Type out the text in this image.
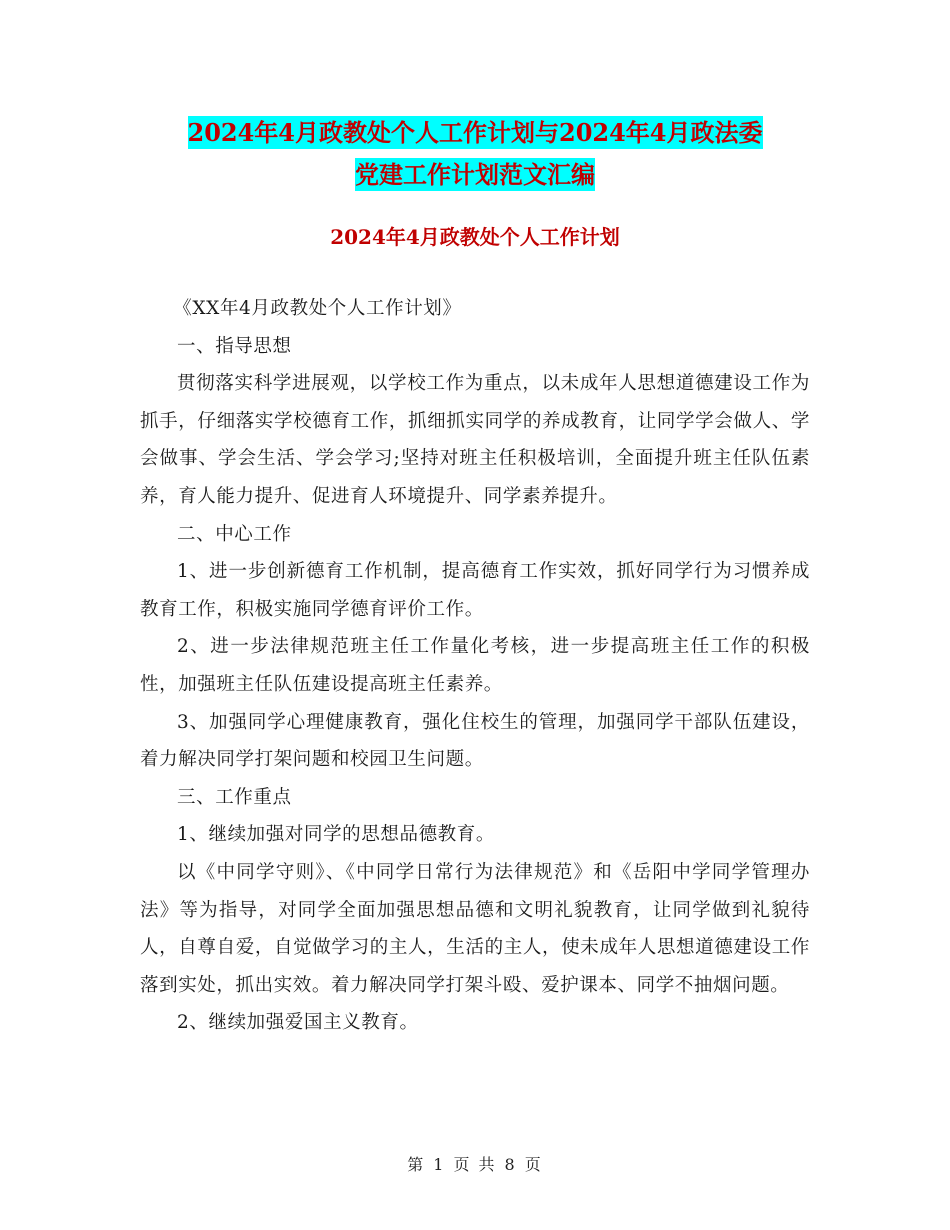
2024年4月政教处个人工作计划与2024年4月政法委
党建工作计划范文汇编
2024年4月政教处个人工作计划

《XX年4月政教处个人工作计划》

一、指导思想

贯彻落实科学进展观，以学校工作为重点，以未成年人思想道德建设工作为抓手，仔细落实学校德育工作，抓细抓实同学的养成教育，让同学学会做人、学会做事、学会生活、学会学习;坚持对班主任积极培训，全面提升班主任队伍素养，育人能力提升、促进育人环境提升、同学素养提升。

二、中心工作

1、进一步创新德育工作机制，提高德育工作实效，抓好同学行为习惯养成教育工作，积极实施同学德育评价工作。

2、进一步法律规范班主任工作量化考核，进一步提高班主任工作的积极性，加强班主任队伍建设提高班主任素养。

3、加强同学心理健康教育，强化住校生的管理，加强同学干部队伍建设，着力解决同学打架问题和校园卫生问题。

三、工作重点

1、继续加强对同学的思想品德教育。

以《中同学守则》、《中同学日常行为法律规范》和《岳阳中学同学管理办法》等为指导，对同学全面加强思想品德和文明礼貌教育，让同学做到礼貌待人，自尊自爱，自觉做学习的主人，生活的主人，使未成年人思想道德建设工作落到实处，抓出实效。着力解决同学打架斗殴、爱护课本、同学不抽烟问题。

2、继续加强爱国主义教育。

第 1 页 共 8 页
